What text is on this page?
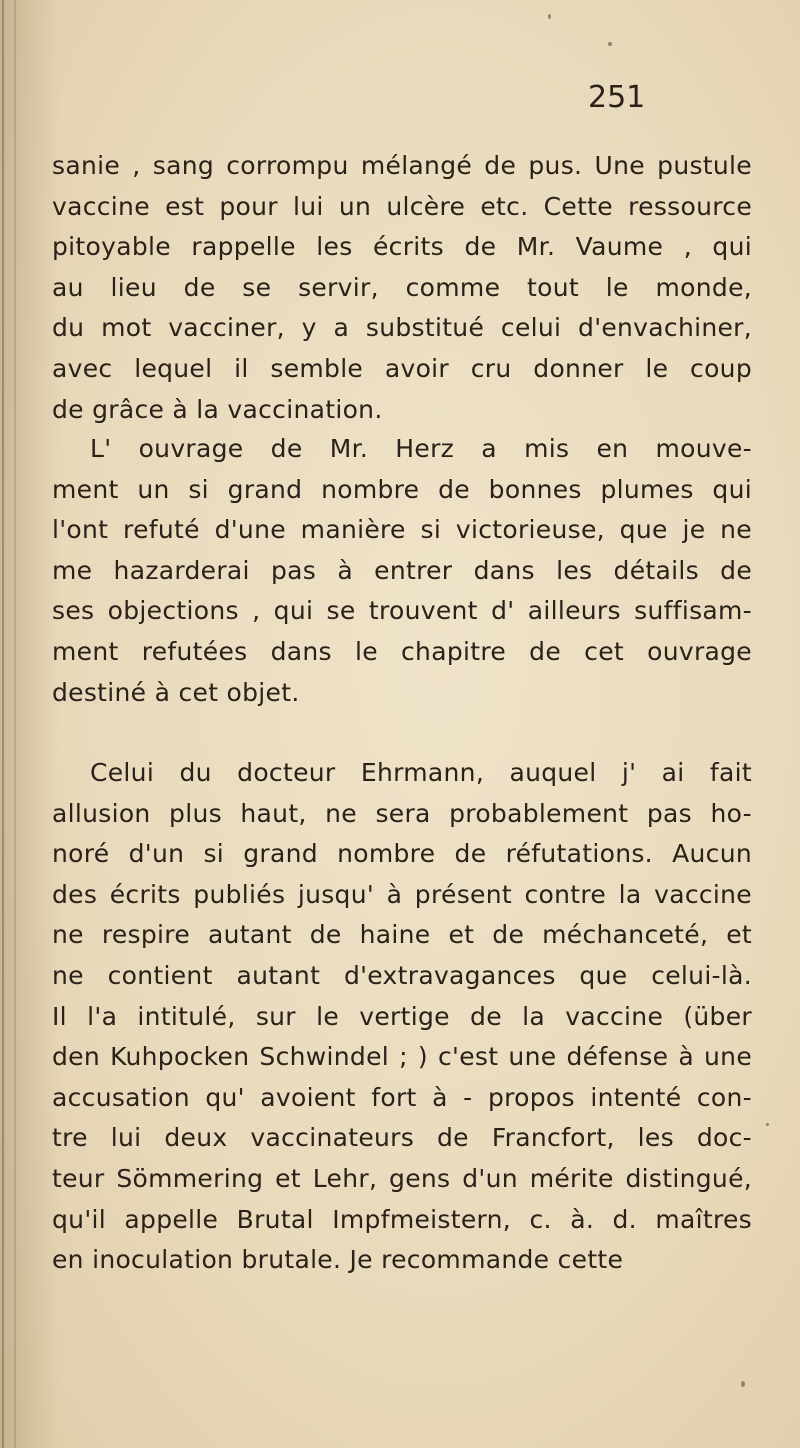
251
sanie , sang corrompu mélangé de pus. Une pustule
vaccine est pour lui un ulcère etc. Cette ressource
pitoyable rappelle les écrits de Mr. Vaume , qui
au lieu de se servir, comme tout le monde,
du mot vacciner, y a substitué celui d'envachiner,
avec lequel il semble avoir cru donner le coup
de grâce à la vaccination.
L' ouvrage de Mr. Herz a mis en mouve-
ment un si grand nombre de bonnes plumes qui
l'ont refuté d'une manière si victorieuse, que je ne
me hazarderai pas à entrer dans les détails de
ses objections , qui se trouvent d' ailleurs suffisam-
ment refutées dans le chapitre de cet ouvrage
destiné à cet objet.
Celui du docteur Ehrmann, auquel j' ai fait
allusion plus haut, ne sera probablement pas ho-
noré d'un si grand nombre de réfutations. Aucun
des écrits publiés jusqu' à présent contre la vaccine
ne respire autant de haine et de méchanceté, et
ne contient autant d'extravagances que celui-là.
Il l'a intitulé, sur le vertige de la vaccine (über
den Kuhpocken Schwindel ; ) c'est une défense à une
accusation qu' avoient fort à - propos intenté con-
tre lui deux vaccinateurs de Francfort, les doc-
teur Sömmering et Lehr, gens d'un mérite distingué,
qu'il appelle Brutal Impfmeistern, c. à. d. maîtres
en inoculation brutale. Je recommande cette
